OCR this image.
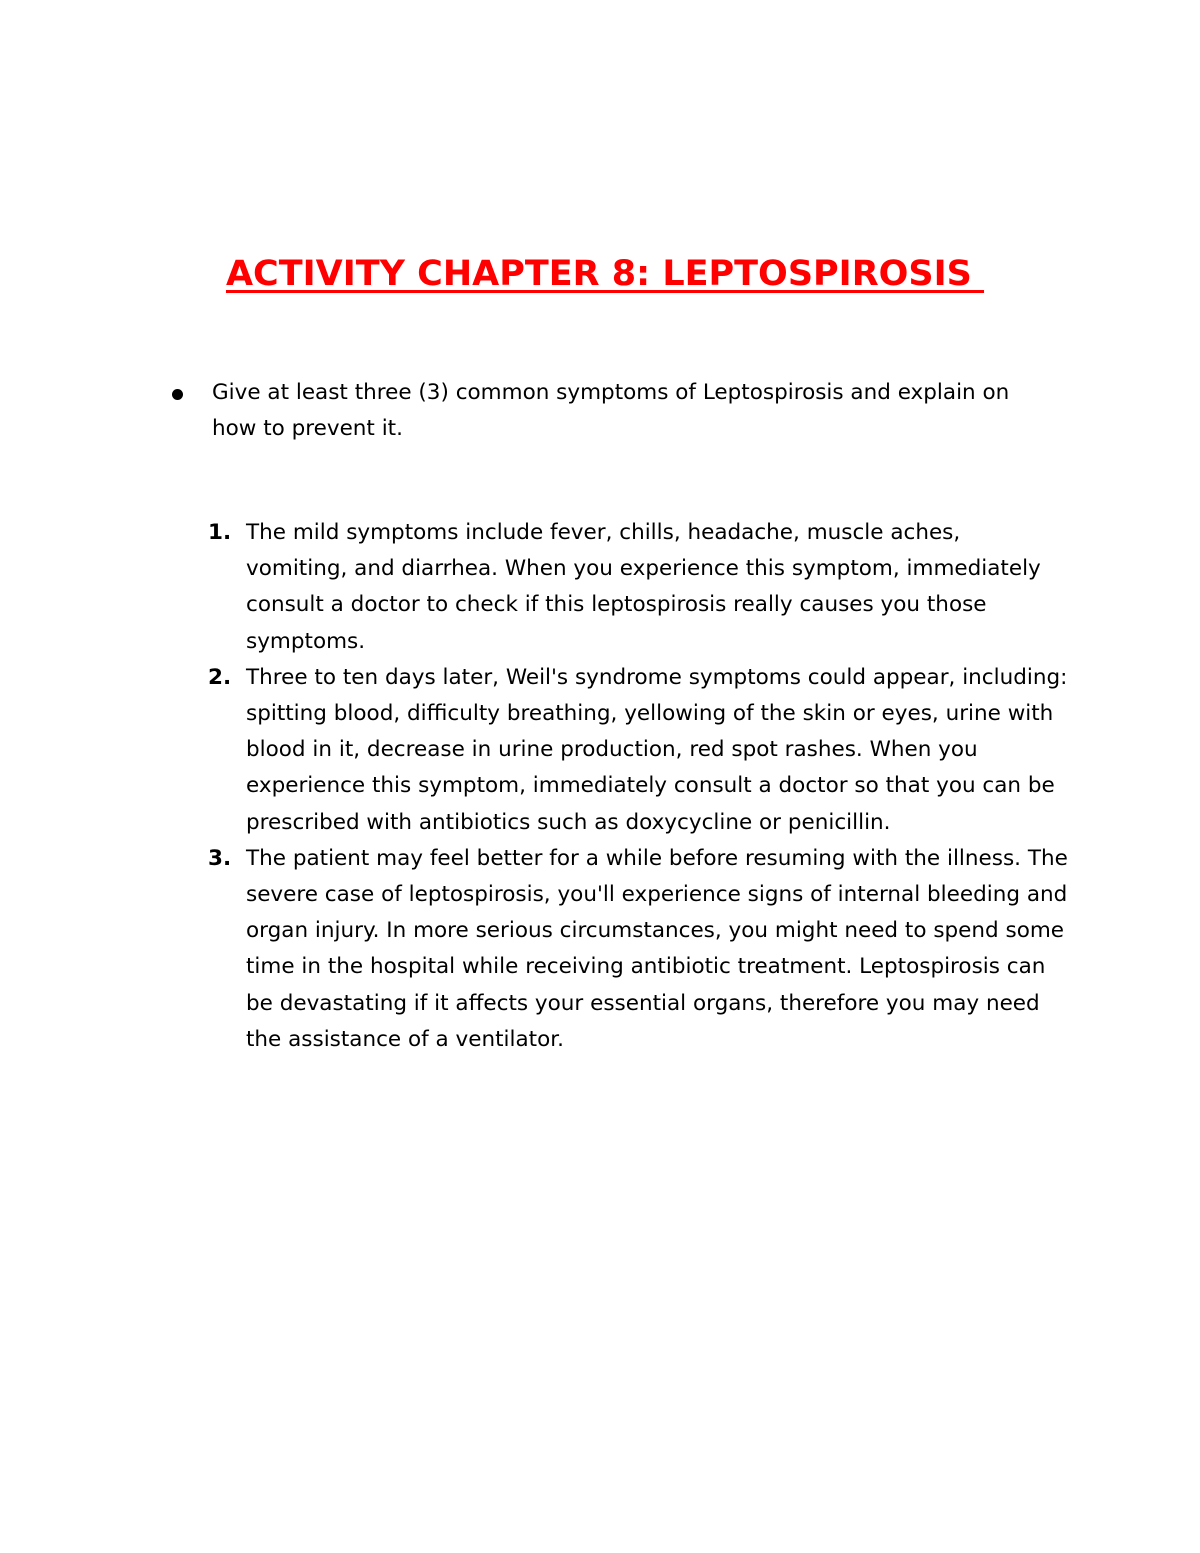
ACTIVITY CHAPTER 8: LEPTOSPIROSIS

Give at least three (3) common symptoms of Leptospirosis and explain on how to prevent it.

1. The mild symptoms include fever, chills, headache, muscle aches, vomiting, and diarrhea. When you experience this symptom, immediately consult a doctor to check if this leptospirosis really causes you those symptoms.
2. Three to ten days later, Weil's syndrome symptoms could appear, including: spitting blood, difficulty breathing, yellowing of the skin or eyes, urine with blood in it, decrease in urine production, red spot rashes. When you experience this symptom, immediately consult a doctor so that you can be prescribed with antibiotics such as doxycycline or penicillin.
3. The patient may feel better for a while before resuming with the illness. The severe case of leptospirosis, you'll experience signs of internal bleeding and organ injury. In more serious circumstances, you might need to spend some time in the hospital while receiving antibiotic treatment. Leptospirosis can be devastating if it affects your essential organs, therefore you may need the assistance of a ventilator.
